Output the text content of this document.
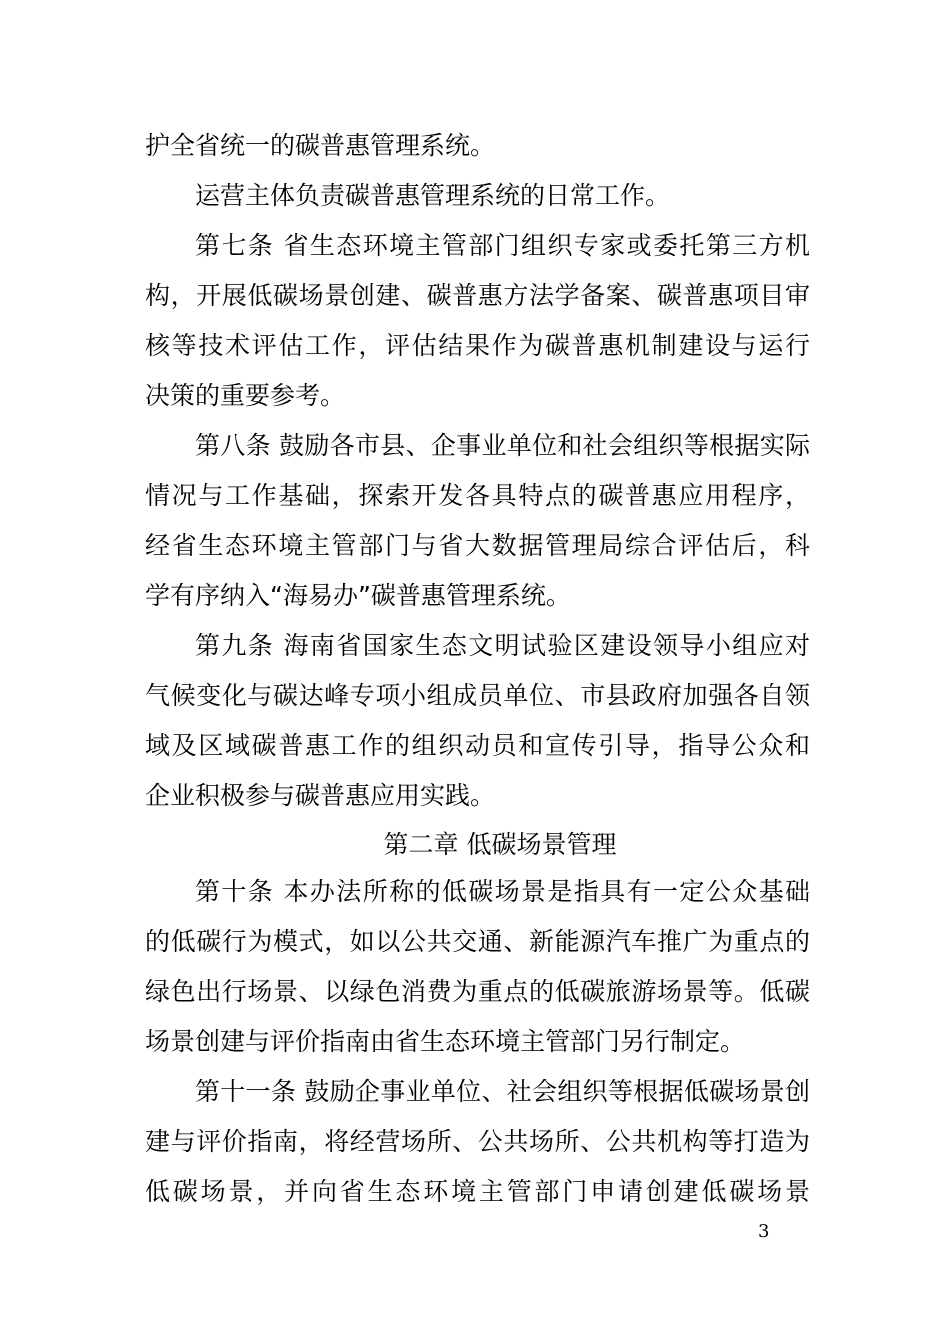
护全省统一的碳普惠管理系统。
运营主体负责碳普惠管理系统的日常工作。
第七条 省生态环境主管部门组织专家或委托第三方机
构，开展低碳场景创建、碳普惠方法学备案、碳普惠项目审
核等技术评估工作，评估结果作为碳普惠机制建设与运行
决策的重要参考。
第八条 鼓励各市县、企事业单位和社会组织等根据实际
情况与工作基础，探索开发各具特点的碳普惠应用程序，
经省生态环境主管部门与省大数据管理局综合评估后，科
学有序纳入“海易办”碳普惠管理系统。
第九条 海南省国家生态文明试验区建设领导小组应对
气候变化与碳达峰专项小组成员单位、市县政府加强各自领
域及区域碳普惠工作的组织动员和宣传引导，指导公众和
企业积极参与碳普惠应用实践。
第二章 低碳场景管理
第十条 本办法所称的低碳场景是指具有一定公众基础
的低碳行为模式，如以公共交通、新能源汽车推广为重点的
绿色出行场景、以绿色消费为重点的低碳旅游场景等。低碳
场景创建与评价指南由省生态环境主管部门另行制定。
第十一条 鼓励企事业单位、社会组织等根据低碳场景创
建与评价指南，将经营场所、公共场所、公共机构等打造为
低碳场景，并向省生态环境主管部门申请创建低碳场景
3
